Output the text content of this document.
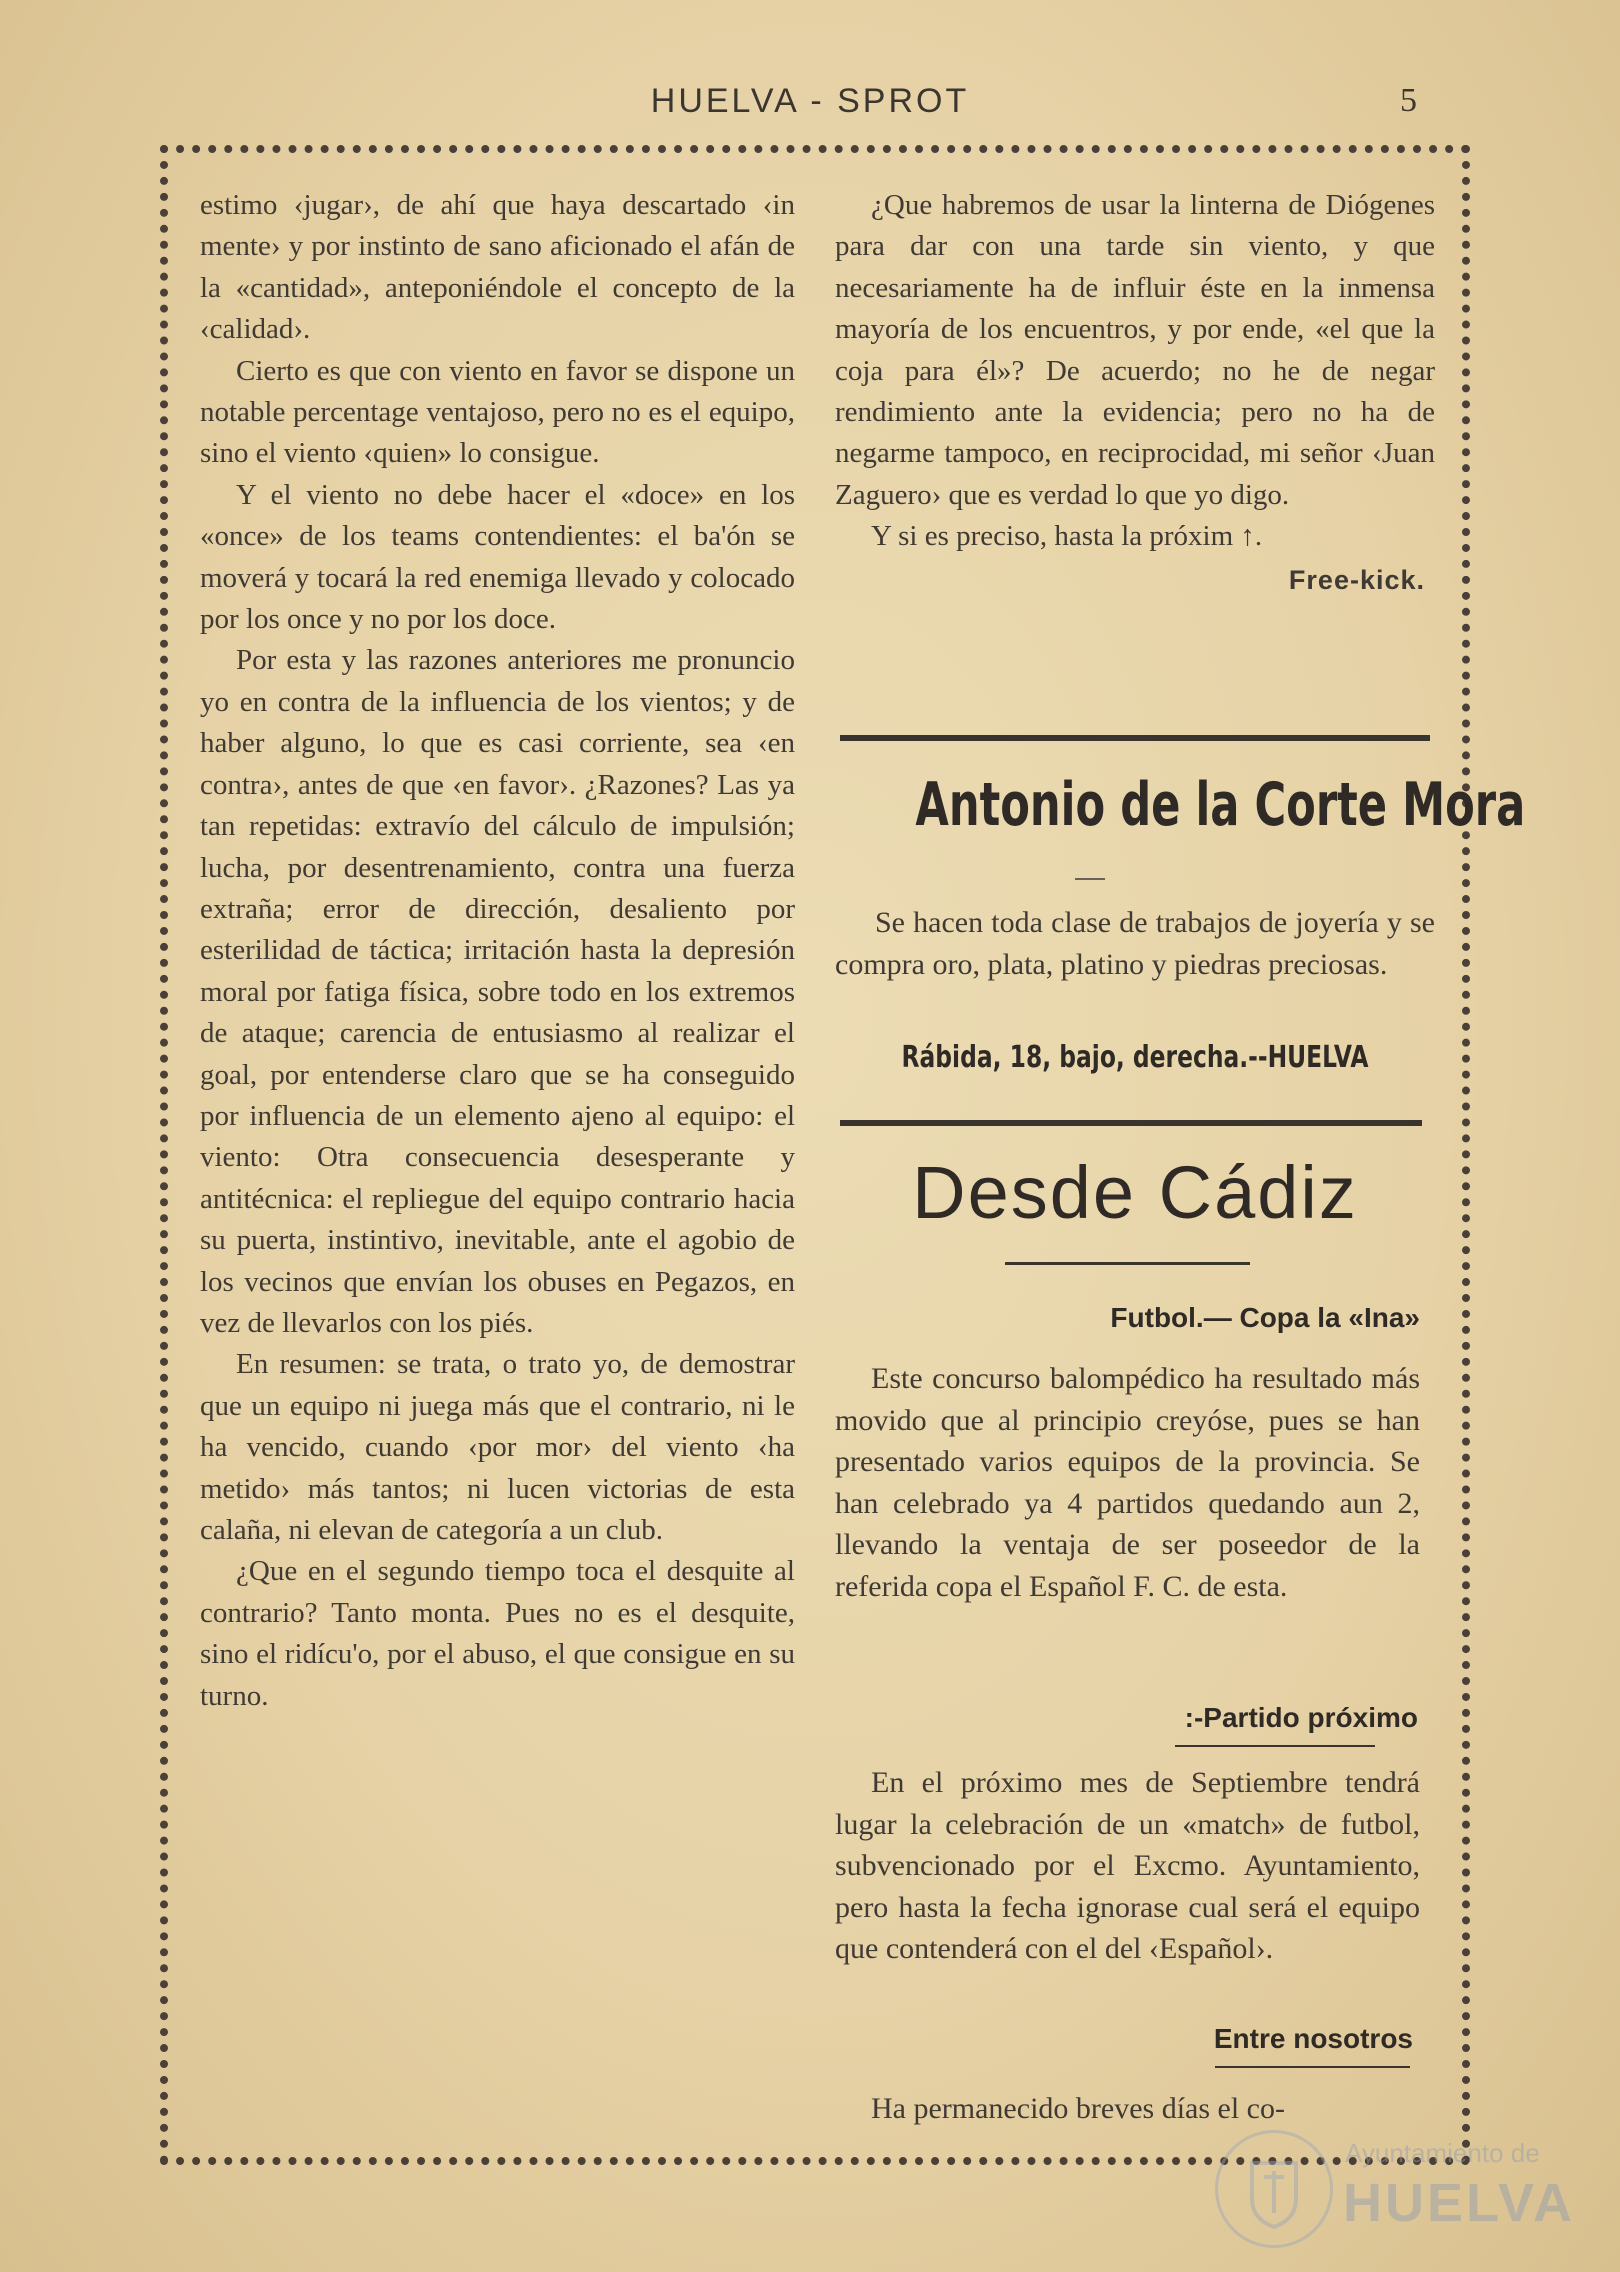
HUELVA - SPROT	5

estimo ‹jugar›, de ahí que haya descartado ‹in mente› y por instinto de sano aficionado el afán de la «cantidad», anteponiéndole el concepto de la ‹calidad›.

Cierto es que con viento en favor se dispone un notable percentage ventajoso, pero no es el equipo, sino el viento ‹quien» lo consigue.

Y el viento no debe hacer el «doce» en los «once» de los teams contendientes: el ba'ón se moverá y tocará la red enemiga llevado y colocado por los once y no por los doce.

Por esta y las razones anteriores me pronuncio yo en contra de la influencia de los vientos; y de haber alguno, lo que es casi corriente, sea ‹en contra›, antes de que ‹en favor›. ¿Razones? Las ya tan repetidas: extravío del cálculo de impulsión; lucha, por desentrenamiento, contra una fuerza extraña; error de dirección, desaliento por esterilidad de táctica; irritación hasta la depresión moral por fatiga física, sobre todo en los extremos de ataque; carencia de entusiasmo al realizar el goal, por entenderse claro que se ha conseguido por influencia de un elemento ajeno al equipo: el viento: Otra consecuencia desesperante y antitécnica: el repliegue del equipo contrario hacia su puerta, instintivo, inevitable, ante el agobio de los vecinos que envían los obuses en Pegazos, en vez de llevarlos con los piés.

En resumen: se trata, o trato yo, de demostrar que un equipo ni juega más que el contrario, ni le ha vencido, cuando ‹por mor› del viento ‹ha metido› más tantos; ni lucen victorias de esta calaña, ni elevan de categoría a un club.

¿Que en el segundo tiempo toca el desquite al contrario? Tanto monta. Pues no es el desquite, sino el ridícu'o, por el abuso, el que consigue en su turno.

¿Que habremos de usar la linterna de Diógenes para dar con una tarde sin viento, y que necesariamente ha de influir éste en la inmensa mayoría de los encuentros, y por ende, «el que la coja para él»? De acuerdo; no he de negar rendimiento ante la evidencia; pero no ha de negarme tampoco, en reciprocidad, mi señor ‹Juan Zaguero› que es verdad lo que yo digo.

Y si es preciso, hasta la próxim ↑.

Free-kick.
Antonio de la Corte Mora

Se hacen toda clase de trabajos de joyería y se compra oro, plata, platino y piedras preciosas.

Rábida, 18, bajo, derecha.--HUELVA
Desde Cádiz
Futbol.— Copa la «Ina»

Este concurso balompédico ha resultado más movido que al principio creyóse, pues se han presentado varios equipos de la provincia. Se han celebrado ya 4 partidos quedando aun 2, llevando la ventaja de ser poseedor de la referida copa el Español F. C. de esta.

:-Partido próximo

En el próximo mes de Septiembre tendrá lugar la celebración de un «match» de futbol, subvencionado por el Excmo. Ayuntamiento, pero hasta la fecha ignorase cual será el equipo que contenderá con el del ‹Español›.

Entre nosotros

Ha permanecido breves días el co-

Ayuntamiento de
HUELVA
